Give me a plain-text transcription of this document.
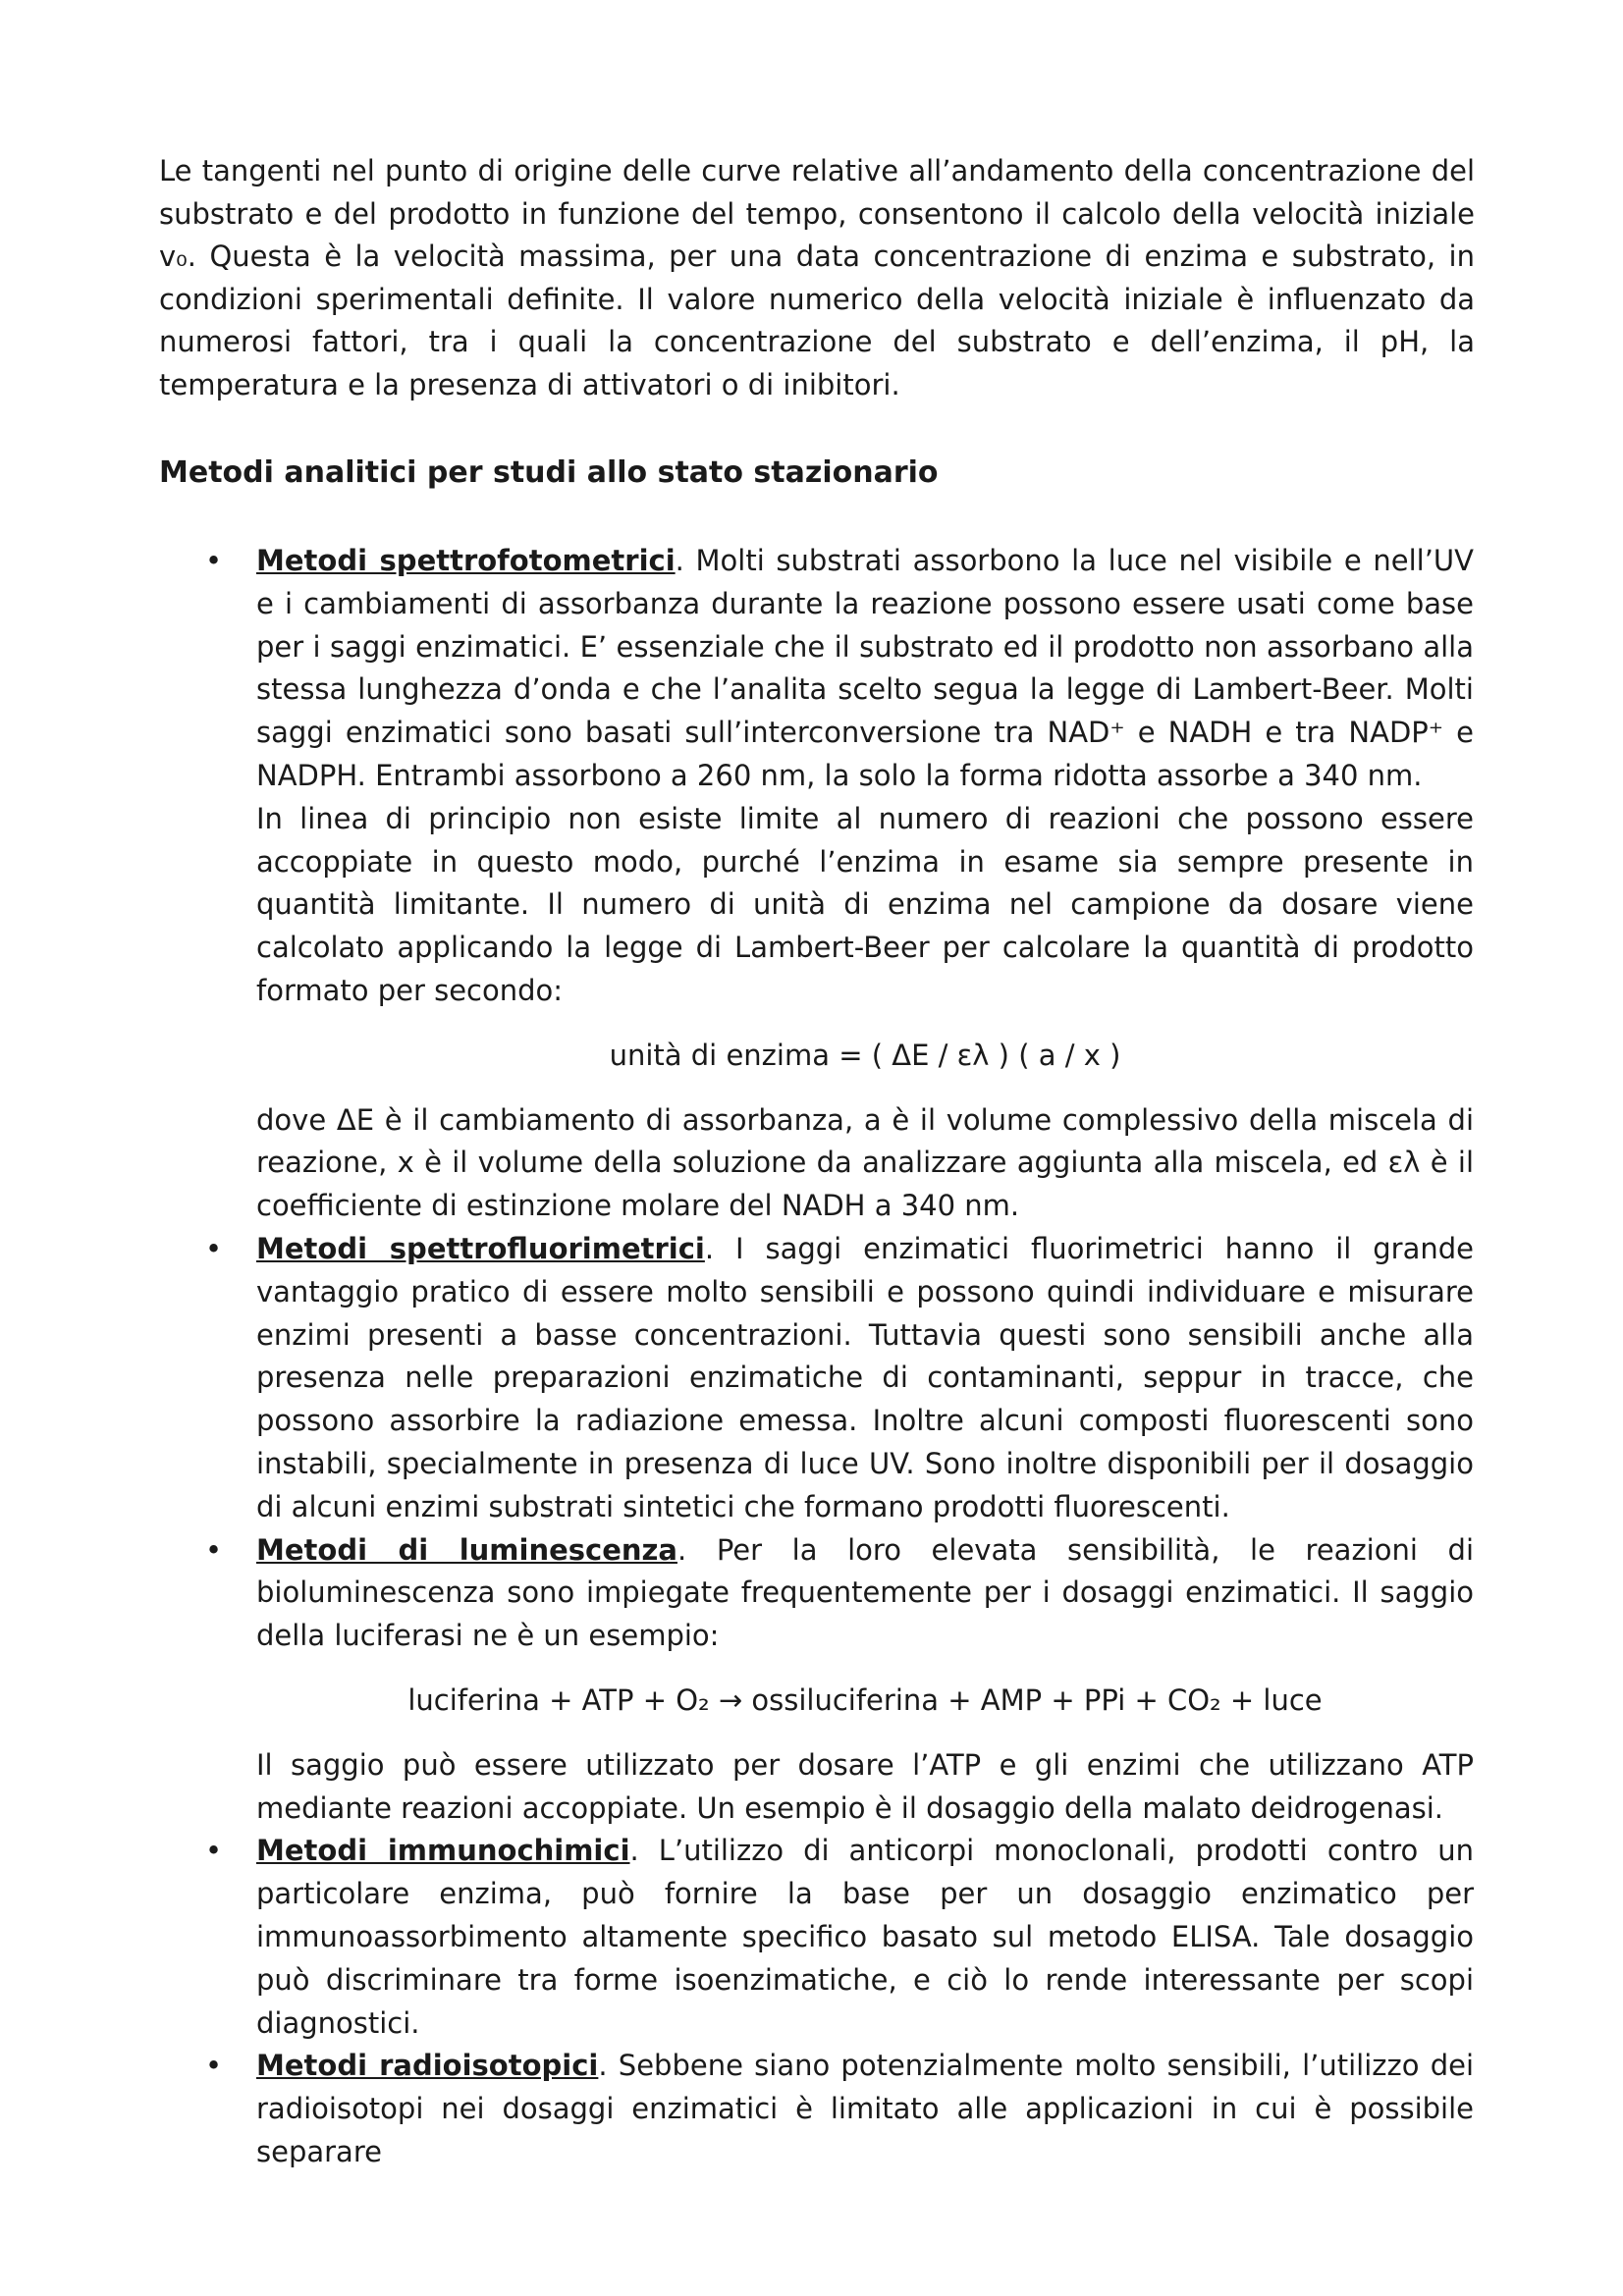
Le tangenti nel punto di origine delle curve relative all’andamento della concentrazione del substrato e del prodotto in funzione del tempo, consentono il calcolo della velocità iniziale v₀. Questa è la velocità massima, per una data concentrazione di enzima e substrato, in condizioni sperimentali definite. Il valore numerico della velocità iniziale è influenzato da numerosi fattori, tra i quali la concentrazione del substrato e dell’enzima, il pH, la temperatura e la presenza di attivatori o di inibitori.

Metodi analitici per studi allo stato stazionario
• Metodi spettrofotometrici. Molti substrati assorbono la luce nel visibile e nell’UV e i cambiamenti di assorbanza durante la reazione possono essere usati come base per i saggi enzimatici. E’ essenziale che il substrato ed il prodotto non assorbano alla stessa lunghezza d’onda e che l’analita scelto segua la legge di Lambert-Beer. Molti saggi enzimatici sono basati sull’interconversione tra NAD⁺ e NADH e tra NADP⁺ e NADPH. Entrambi assorbono a 260 nm, la solo la forma ridotta assorbe a 340 nm.

In linea di principio non esiste limite al numero di reazioni che possono essere accoppiate in questo modo, purché l’enzima in esame sia sempre presente in quantità limitante. Il numero di unità di enzima nel campione da dosare viene calcolato applicando la legge di Lambert-Beer per calcolare la quantità di prodotto formato per secondo:

unità di enzima = ( ΔE / ελ ) ( a / x )

dove ΔE è il cambiamento di assorbanza, a è il volume complessivo della miscela di reazione, x è il volume della soluzione da analizzare aggiunta alla miscela, ed ελ è il coefficiente di estinzione molare del NADH a 340 nm.

• Metodi spettrofluorimetrici. I saggi enzimatici fluorimetrici hanno il grande vantaggio pratico di essere molto sensibili e possono quindi individuare e misurare enzimi presenti a basse concentrazioni. Tuttavia questi sono sensibili anche alla presenza nelle preparazioni enzimatiche di contaminanti, seppur in tracce, che possono assorbire la radiazione emessa. Inoltre alcuni composti fluorescenti sono instabili, specialmente in presenza di luce UV. Sono inoltre disponibili per il dosaggio di alcuni enzimi substrati sintetici che formano prodotti fluorescenti.

• Metodi di luminescenza. Per la loro elevata sensibilità, le reazioni di bioluminescenza sono impiegate frequentemente per i dosaggi enzimatici. Il saggio della luciferasi ne è un esempio:

luciferina + ATP + O₂ → ossiluciferina + AMP + PPi + CO₂ + luce

Il saggio può essere utilizzato per dosare l’ATP e gli enzimi che utilizzano ATP mediante reazioni accoppiate. Un esempio è il dosaggio della malato deidrogenasi.

• Metodi immunochimici. L’utilizzo di anticorpi monoclonali, prodotti contro un particolare enzima, può fornire la base per un dosaggio enzimatico per immunoassorbimento altamente specifico basato sul metodo ELISA. Tale dosaggio può discriminare tra forme isoenzimatiche, e ciò lo rende interessante per scopi diagnostici.

• Metodi radioisotopici. Sebbene siano potenzialmente molto sensibili, l’utilizzo dei radioisotopi nei dosaggi enzimatici è limitato alle applicazioni in cui è possibile separare
